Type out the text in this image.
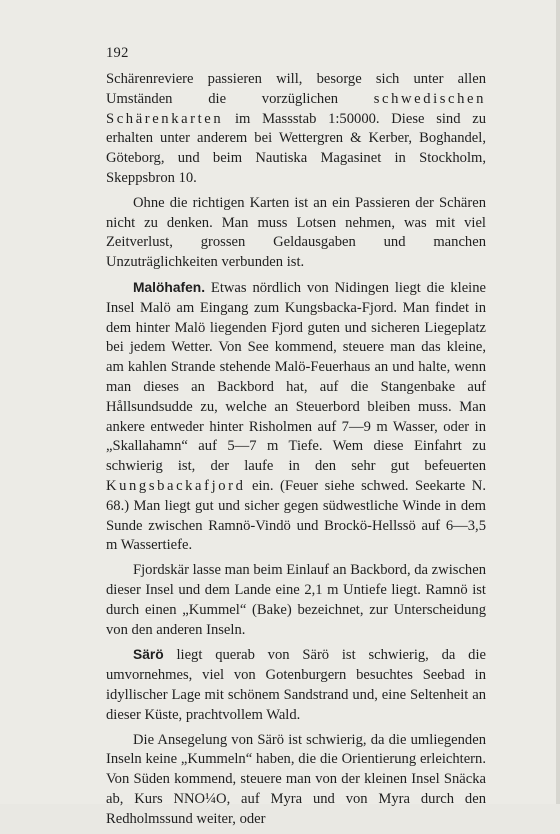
192

Schärenreviere passieren will, besorge sich unter allen Umständen die vorzüglichen schwedischen Schärenkarten im Massstab 1:50000. Diese sind zu erhalten unter anderem bei Wettergren & Kerber, Boghandel, Göteborg, und beim Nautiska Magasinet in Stockholm, Skeppsbron 10.

Ohne die richtigen Karten ist an ein Passieren der Schären nicht zu denken. Man muss Lotsen nehmen, was mit viel Zeitverlust, grossen Geldausgaben und manchen Unzuträglichkeiten verbunden ist.

Malöhafen. Etwas nördlich von Nidingen liegt die kleine Insel Malö am Eingang zum Kungsbacka-Fjord. Man findet in dem hinter Malö liegenden Fjord guten und sicheren Liegeplatz bei jedem Wetter. Von See kommend, steuere man das kleine, am kahlen Strande stehende Malö-Feuerhaus an und halte, wenn man dieses an Backbord hat, auf die Stangenbake auf Hållsundsudde zu, welche an Steuerbord bleiben muss. Man ankere entweder hinter Risholmen auf 7—9 m Wasser, oder in „Skallahamn“ auf 5—7 m Tiefe. Wem diese Einfahrt zu schwierig ist, der laufe in den sehr gut befeuerten Kungsbackafjord ein. (Feuer siehe schwed. Seekarte N. 68.) Man liegt gut und sicher gegen südwestliche Winde in dem Sunde zwischen Ramnö-Vindö und Brockö-Hellssö auf 6—3,5 m Wassertiefe.

Fjordskär lasse man beim Einlauf an Backbord, da zwischen dieser Insel und dem Lande eine 2,1 m Untiefe liegt. Ramnö ist durch einen „Kummel“ (Bake) bezeichnet, zur Unterscheidung von den anderen Inseln.

Särö liegt querab von Särö ist schwierig, da die umvornehmes, viel von Gotenburgern besuchtes Seebad in idyllischer Lage mit schönem Sandstrand und, eine Seltenheit an dieser Küste, prachtvollem Wald.

Die Ansegelung von Särö ist schwierig, da die umliegenden Inseln keine „Kummeln“ haben, die die Orientierung erleichtern. Von Süden kommend, steuere man von der kleinen Insel Snäcka ab, Kurs NNO¼O, auf Myra und von Myra durch den Redholmssund weiter, oder
